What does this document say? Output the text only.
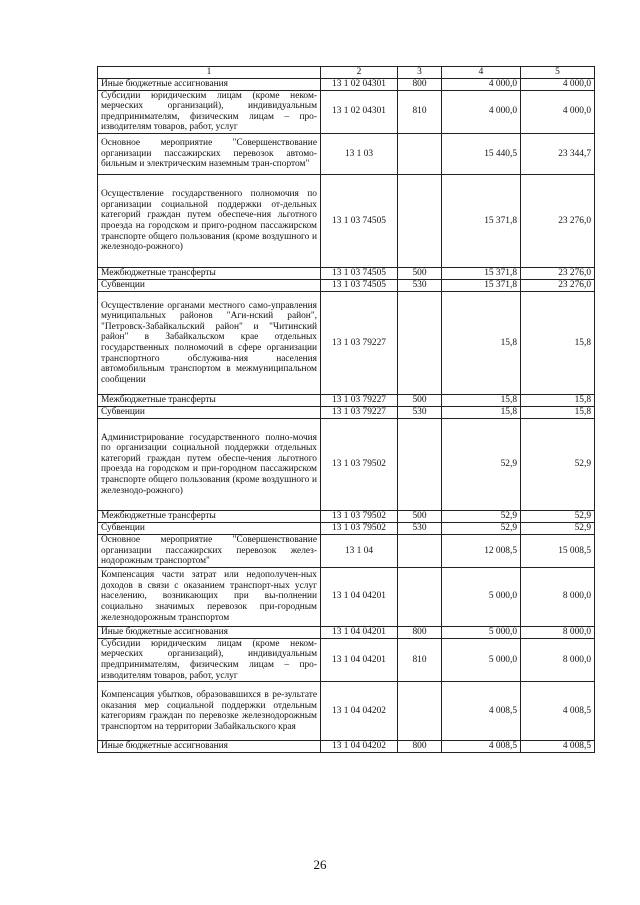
1	2	3	4	5
Иные бюджетные ассигнования	13 1 02 04301	800	4 000,0	4 000,0
Субсидии юридическим лицам (кроме неком-мерческих организаций), индивидуальным предпринимателям, физическим лицам – про-изводителям товаров, работ, услуг	13 1 02 04301	810	4 000,0	4 000,0
Основное мероприятие "Совершенствование организации пассажирских перевозок автомо-бильным и электрическим наземным тран-спортом"	13 1 03		15 440,5	23 344,7
Осуществление государственного полномочия по организации социальной поддержки от-дельных категорий граждан путем обеспече-ния льготного проезда на городском и приго-родном пассажирском транспорте общего пользования (кроме воздушного и железнодо-рожного)	13 1 03 74505		15 371,8	23 276,0
Межбюджетные трансферты	13 1 03 74505	500	15 371,8	23 276,0
Субвенции	13 1 03 74505	530	15 371,8	23 276,0
Осуществление органами местного само-управления муниципальных районов "Аги-нский район", "Петровск-Забайкальский район" и "Читинский район" в Забайкальском крае отдельных государственных полномочий в сфере организации транспортного обслужива-ния населения автомобильным транспортом в межмуниципальном сообщении	13 1 03 79227		15,8	15,8
Межбюджетные трансферты	13 1 03 79227	500	15,8	15,8
Субвенции	13 1 03 79227	530	15,8	15,8
Администрирование государственного полно-мочия по организации социальной поддержки отдельных категорий граждан путем обеспе-чения льготного проезда на городском и при-городном пассажирском транспорте общего пользования (кроме воздушного и железнодо-рожного)	13 1 03 79502		52,9	52,9
Межбюджетные трансферты	13 1 03 79502	500	52,9	52,9
Субвенции	13 1 03 79502	530	52,9	52,9
Основное мероприятие "Совершенствование организации пассажирских перевозок желез-нодорожным транспортом"	13 1 04		12 008,5	15 008,5
Компенсация части затрат или недополучен-ных доходов в связи с оказанием транспорт-ных услуг населению, возникающих при вы-полнении социально значимых перевозок при-городным железнодорожным транспортом	13 1 04 04201		5 000,0	8 000,0
Иные бюджетные ассигнования	13 1 04 04201	800	5 000,0	8 000,0
Субсидии юридическим лицам (кроме неком-мерческих организаций), индивидуальным предпринимателям, физическим лицам – про-изводителям товаров, работ, услуг	13 1 04 04201	810	5 000,0	8 000,0
Компенсация убытков, образовавшихся в ре-зультате оказания мер социальной поддержки отдельным категориям граждан по перевозке железнодорожным транспортом на территории Забайкальского края	13 1 04 04202		4 008,5	4 008,5
Иные бюджетные ассигнования	13 1 04 04202	800	4 008,5	4 008,5
26
